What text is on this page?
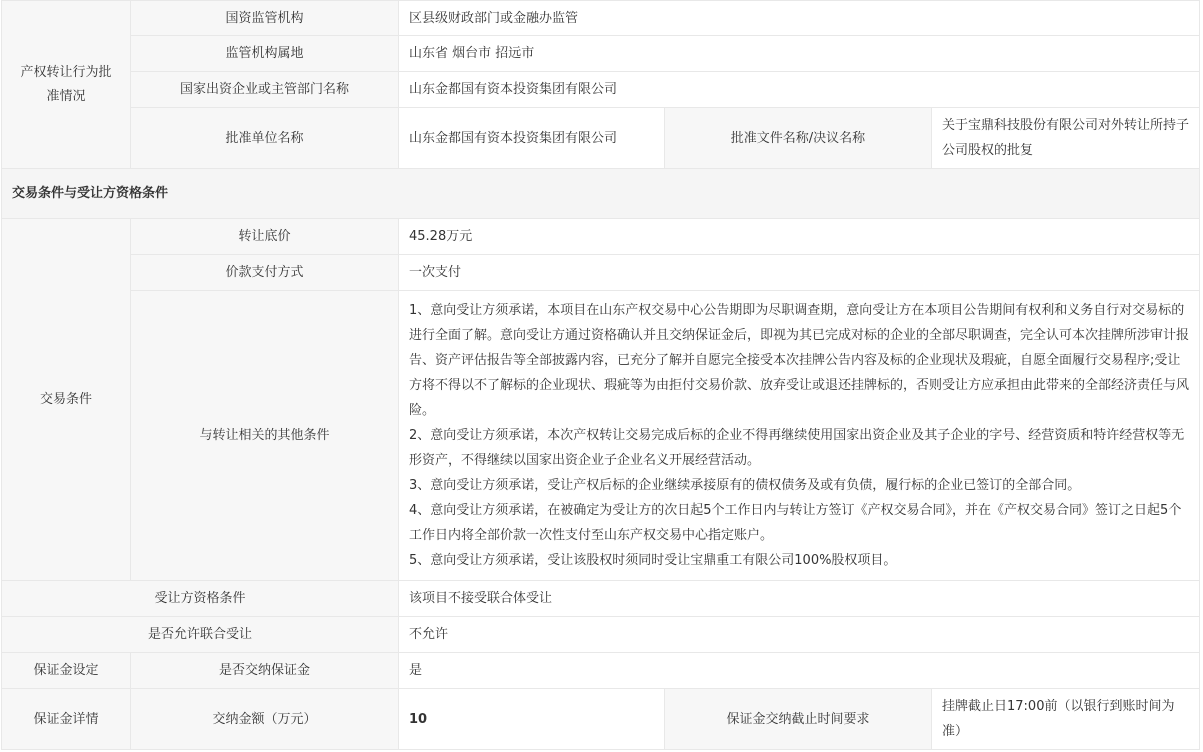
产权转让行为批准情况	国资监管机构	区县级财政部门或金融办监管		
	监管机构属地	山东省 烟台市 招远市		
	国家出资企业或主管部门名称	山东金都国有资本投资集团有限公司		
	批准单位名称	山东金都国有资本投资集团有限公司	批准文件名称/决议名称	关于宝鼎科技股份有限公司对外转让所持子公司股权的批复
交易条件与受让方资格条件				
交易条件	转让底价	45.28万元		
	价款支付方式	一次支付		
	与转让相关的其他条件	1、意向受让方须承诺，本项目在山东产权交易中心公告期即为尽职调查期，意向受让方在本项目公告期间有权利和义务自行对交易标的进行全面了解。意向受让方通过资格确认并且交纳保证金后，即视为其已完成对标的企业的全部尽职调查，完全认可本次挂牌所涉审计报告、资产评估报告等全部披露内容，已充分了解并自愿完全接受本次挂牌公告内容及标的企业现状及瑕疵，自愿全面履行交易程序;受让方将不得以不了解标的企业现状、瑕疵等为由拒付交易价款、放弃受让或退还挂牌标的，否则受让方应承担由此带来的全部经济责任与风险。
2、意向受让方须承诺，本次产权转让交易完成后标的企业不得再继续使用国家出资企业及其子企业的字号、经营资质和特许经营权等无形资产，不得继续以国家出资企业子企业名义开展经营活动。
3、意向受让方须承诺，受让产权后标的企业继续承接原有的债权债务及或有负债，履行标的企业已签订的全部合同。
4、意向受让方须承诺，在被确定为受让方的次日起5个工作日内与转让方签订《产权交易合同》，并在《产权交易合同》签订之日起5个工作日内将全部价款一次性支付至山东产权交易中心指定账户。
5、意向受让方须承诺，受让该股权时须同时受让宝鼎重工有限公司100%股权项目。		

受让方资格条件		该项目不接受联合体受让		
是否允许联合受让		不允许		
保证金设定	是否交纳保证金	是		
保证金详情	交纳金额（万元）	10	保证金交纳截止时间要求	挂牌截止日17:00前（以银行到账时间为准）
